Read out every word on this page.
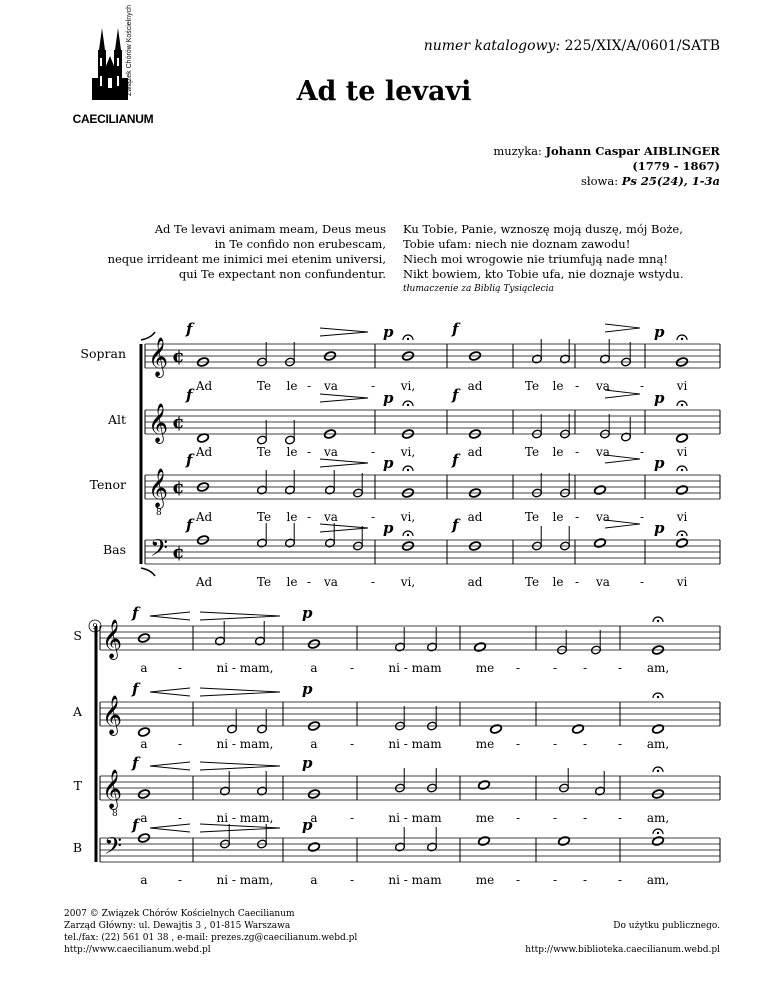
CAECILIANUM
Związek Chórów Kościelnych	numer katalogowy: 225/XIX/A/0601/SATB
Ad te levavi
muzyka: Johann Caspar AIBLINGER
(1779 - 1867)
słowa: Ps 25(24), 1-3a
Ad Te levavi animam meam, Deus meus
in Te confido non erubescam,
neque irrideant me inimici mei etenim universi,
qui Te expectant non confundentur.
Ku Tobie, Panie, wznoszę moją duszę, mój Boże,
Tobie ufam: niech nie doznam zawodu!
Niech moi wrogowie nie triumfują nade mną!
Nikt bowiem, kto Tobie ufa, nie doznaje wstydu.
tłumaczenie za Biblią Tysiąclecia
𝄞 ¢
Sopran
𝄞 ¢
Alt
𝄞 ¢
Tenor
8
𝄢 ¢
Bas
f	p	f	p
f	p	f	p
f	p	f	p
f	p	f	p
Ad	Te le - va	- vi,	ad	Te le - va	-	vi
Ad	Te le - va	- vi,	ad	Te le - va	-	vi
Ad	Te le - va	- vi,	ad	Te le - va	-	vi
Ad	Te le - va	- vi,	ad	Te le - va	-	vi
9 𝄞
S
𝄞
A
𝄞
T
8
𝄢
B
f	p
f	p
f	p
f	p
a	-	ni - mam,	a	-	ni - mam	me -	- -	- am,
a	-	ni - mam,	a	-	ni - mam	me -	- -	- am,
a	-	ni - mam,	a	-	ni - mam	me -	- -	- am,
a	-	ni - mam,	a	-	ni - mam	me -	- -	- am,
2007 © Związek Chórów Kościelnych Caecilianum
Zarząd Główny: ul. Dewajtis 3 , 01-815 Warszawa
tel./fax: (22) 561 01 38 , e-mail: prezes.zg@caecilianum.webd.pl
http://www.caecilianum.webd.pl
Do użytku publicznego.
http://www.biblioteka.caecilianum.webd.pl
